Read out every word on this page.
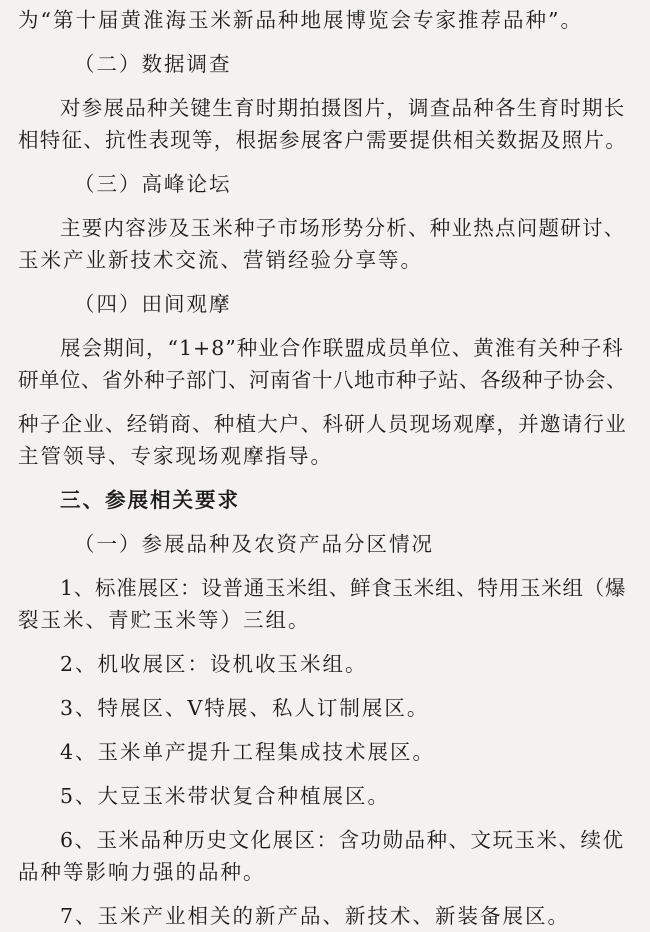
为“第十届黄淮海玉米新品种地展博览会专家推荐品种”。

（二）数据调查

对参展品种关键生育时期拍摄图片，调查品种各生育时期长

相特征、抗性表现等，根据参展客户需要提供相关数据及照片。

（三）高峰论坛

主要内容涉及玉米种子市场形势分析、种业热点问题研讨、

玉米产业新技术交流、营销经验分享等。

（四）田间观摩

展会期间，“1+8”种业合作联盟成员单位、黄淮有关种子科

研单位、省外种子部门、河南省十八地市种子站、各级种子协会、

种子企业、经销商、种植大户、科研人员现场观摩，并邀请行业

主管领导、专家现场观摩指导。

三、参展相关要求

（一）参展品种及农资产品分区情况

1、标准展区：设普通玉米组、鲜食玉米组、特用玉米组（爆

裂玉米、青贮玉米等）三组。

2、机收展区：设机收玉米组。

3、特展区、V特展、私人订制展区。

4、玉米单产提升工程集成技术展区。

5、大豆玉米带状复合种植展区。

6、玉米品种历史文化展区：含功勋品种、文玩玉米、续优

品种等影响力强的品种。

7、玉米产业相关的新产品、新技术、新装备展区。
